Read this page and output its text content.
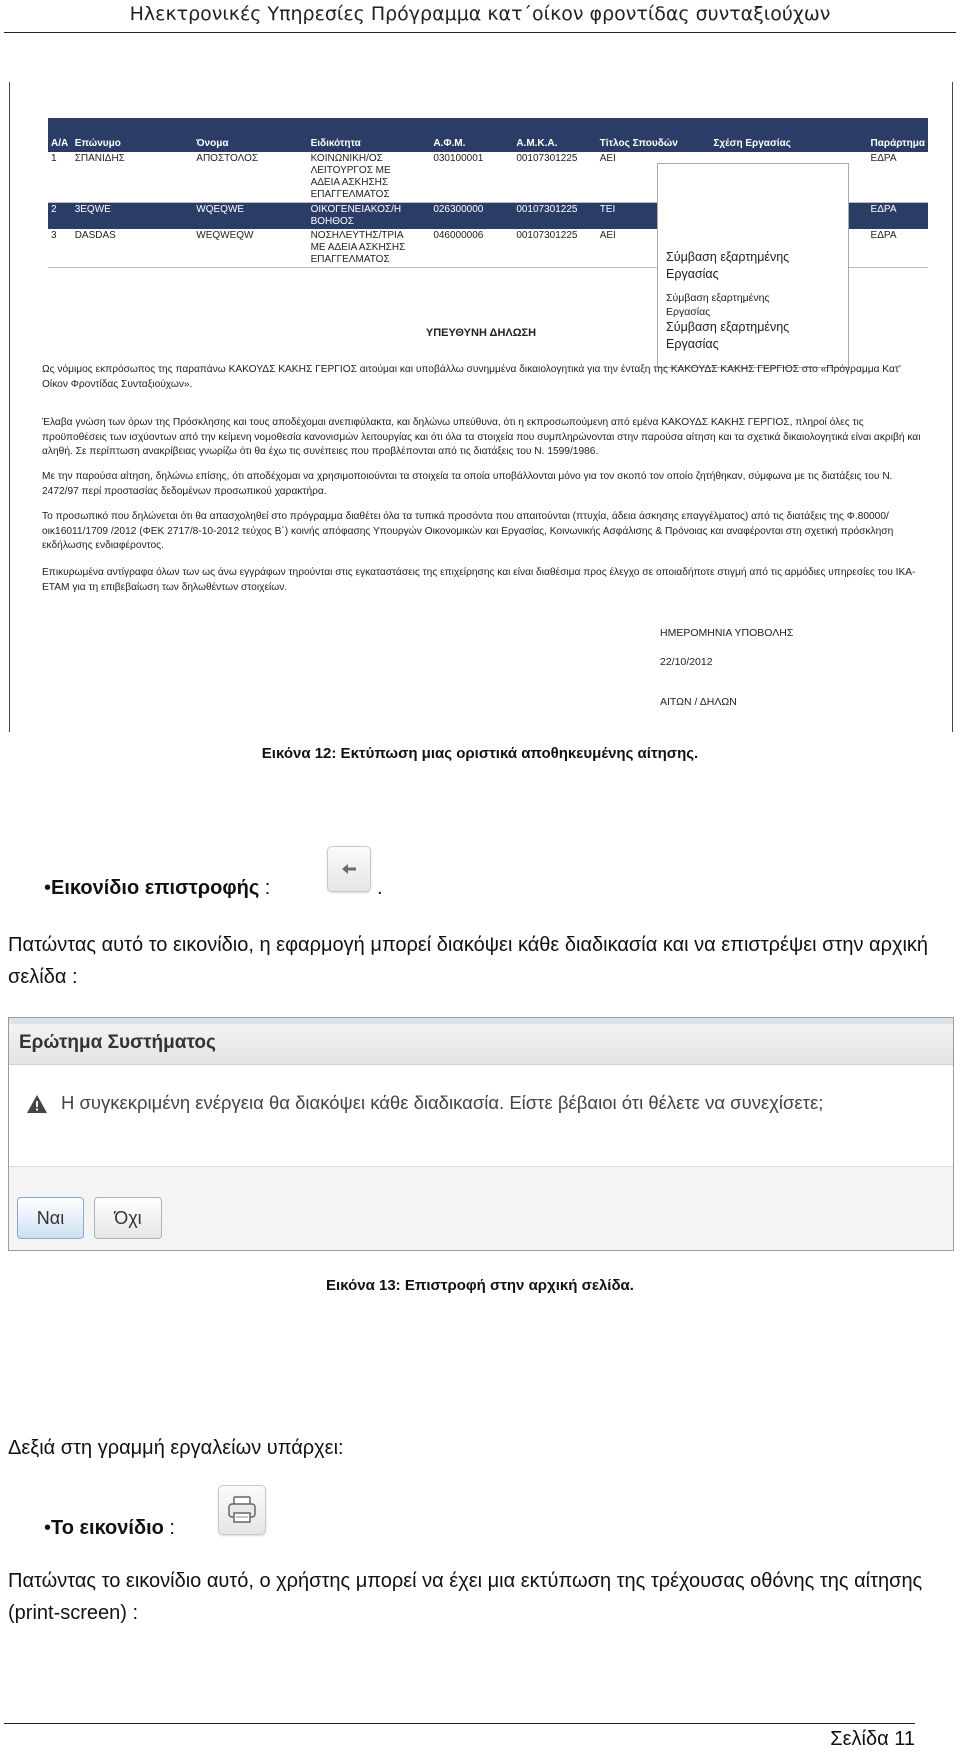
Ηλεκτρονικές Υπηρεσίες Πρόγραμμα κατ΄οίκον φροντίδας συνταξιούχων
Α/Α	Επώνυμο	Όνομα	Ειδικότητα	Α.Φ.Μ.	Α.Μ.Κ.Α.	Τίτλος Σπουδών	Σχέση Εργασίας	Παράρτημα
1	ΣΠΑΝΙΔΗΣ	ΑΠΟΣΤΟΛΟΣ	ΚΟΙΝΩΝΙΚΗ/ΟΣ
ΛΕΙΤΟΥΡΓΟΣ ΜΕ
ΑΔΕΙΑ ΑΣΚΗΣΗΣ
ΕΠΑΓΓΕΛΜΑΤΟΣ	030100001	00107301225	ΑΕΙ		ΕΔΡΑ
2	3EQWE	WQEQWE	ΟΙΚΟΓΕΝΕΙΑΚΟΣ/Η
ΒΟΗΘΟΣ	026300000	00107301225	ΤΕΙ		ΕΔΡΑ
3	DASDAS	WEQWEQW	ΝΟΣΗΛΕΥΤΗΣ/ΤΡΙΑ
ΜΕ ΑΔΕΙΑ ΑΣΚΗΣΗΣ
ΕΠΑΓΓΕΛΜΑΤΟΣ	046000006	00107301225	ΑΕΙ		ΕΔΡΑ
Σύμβαση εξαρτημένης
Εργασίας
Σύμβαση εξαρτημένης
Εργασίας
Σύμβαση εξαρτημένης
Εργασίας
ΥΠΕΥΘΥΝΗ ΔΗΛΩΣΗ

Ως νόμιμος εκπρόσωπος της παραπάνω ΚΑΚΟΥΔΣ ΚΑΚΗΣ ΓΕΡΓΙΟΣ αιτούμαι και υποβάλλω συνημμένα δικαιολογητικά για την ένταξη της ΚΑΚΟΥΔΣ ΚΑΚΗΣ ΓΕΡΓΙΟΣ στο «Πρόγραμμα Κατ' Οίκον Φροντίδας Συνταξιούχων».

Έλαβα γνώση των όρων της Πρόσκλησης και τους αποδέχομαι ανεπιφύλακτα, και δηλώνω υπεύθυνα, ότι η εκπροσωπούμενη από εμένα ΚΑΚΟΥΔΣ ΚΑΚΗΣ ΓΕΡΓΙΟΣ, πληροί όλες τις προϋποθέσεις των ισχύοντων από την κείμενη νομοθεσία κανονισμών λειτουργίας και ότι όλα τα στοιχεία που συμπληρώνονται στην παρούσα αίτηση και τα σχετικά δικαιολογητικά είναι ακριβή και αληθή. Σε περίπτωση ανακρίβειας γνωρίζω ότι θα έχω τις συνέπειες που προβλέπονται από τις διατάξεις του Ν. 1599/1986.

Με την παρούσα αίτηση, δηλώνω επίσης, ότι αποδέχομαι να χρησιμοποιούνται τα στοιχεία τα οποία υποβάλλονται μόνο για τον σκοπό τον οποίο ζητήθηκαν, σύμφωνα με τις διατάξεις του Ν. 2472/97 περί προστασίας δεδομένων προσωπικού χαρακτήρα.

Το προσωπικό που δηλώνεται ότι θα απασχοληθεί στο πρόγραμμα διαθέτει όλα τα τυπικά προσόντα που απαιτούνται (πτυχία, άδεια άσκησης επαγγέλματος) από τις διατάξεις της Φ.80000/οικ16011/1709 /2012 (ΦΕΚ 2717/8-10-2012 τεύχος Β΄) κοινής απόφασης Υπουργών Οικονομικών και Εργασίας, Κοινωνικής Ασφάλισης & Πρόνοιας και αναφέρονται στη σχετική πρόσκληση εκδήλωσης ενδιαφέροντος.

Επικυρωμένα αντίγραφα όλων των ως άνω εγγράφων τηρούνται στις εγκαταστάσεις της επιχείρησης και είναι διαθέσιμα προς έλεγχο σε οποιαδήποτε στιγμή από τις αρμόδιες υπηρεσίες του ΙΚΑ-ΕΤΑΜ για τη επιβεβαίωση των δηλωθέντων στοιχείων.

ΗΜΕΡΟΜΗΝΙΑ ΥΠΟΒΟΛΗΣ
22/10/2012
ΑΙΤΩΝ / ΔΗΛΩΝ
Εικόνα 12: Εκτύπωση μιας οριστικά αποθηκευμένης αίτησης.
•Εικονίδιο επιστροφής :	.

Πατώντας αυτό το εικονίδιο, η εφαρμογή μπορεί διακόψει κάθε διαδικασία και να επιστρέψει στην αρχική σελίδα :

Ερώτημα Συστήματος
Η συγκεκριμένη ενέργεια θα διακόψει κάθε διαδικασία. Είστε βέβαιοι ότι θέλετε να συνεχίσετε;
Ναι	Όχι
Εικόνα 13: Επιστροφή στην αρχική σελίδα.

Δεξιά στη γραμμή εργαλείων υπάρχει:

•Το εικονίδιο :

Πατώντας το εικονίδιο αυτό, ο χρήστης μπορεί να έχει μια εκτύπωση της τρέχουσας οθόνης της αίτησης (print-screen) :

Σελίδα 11
